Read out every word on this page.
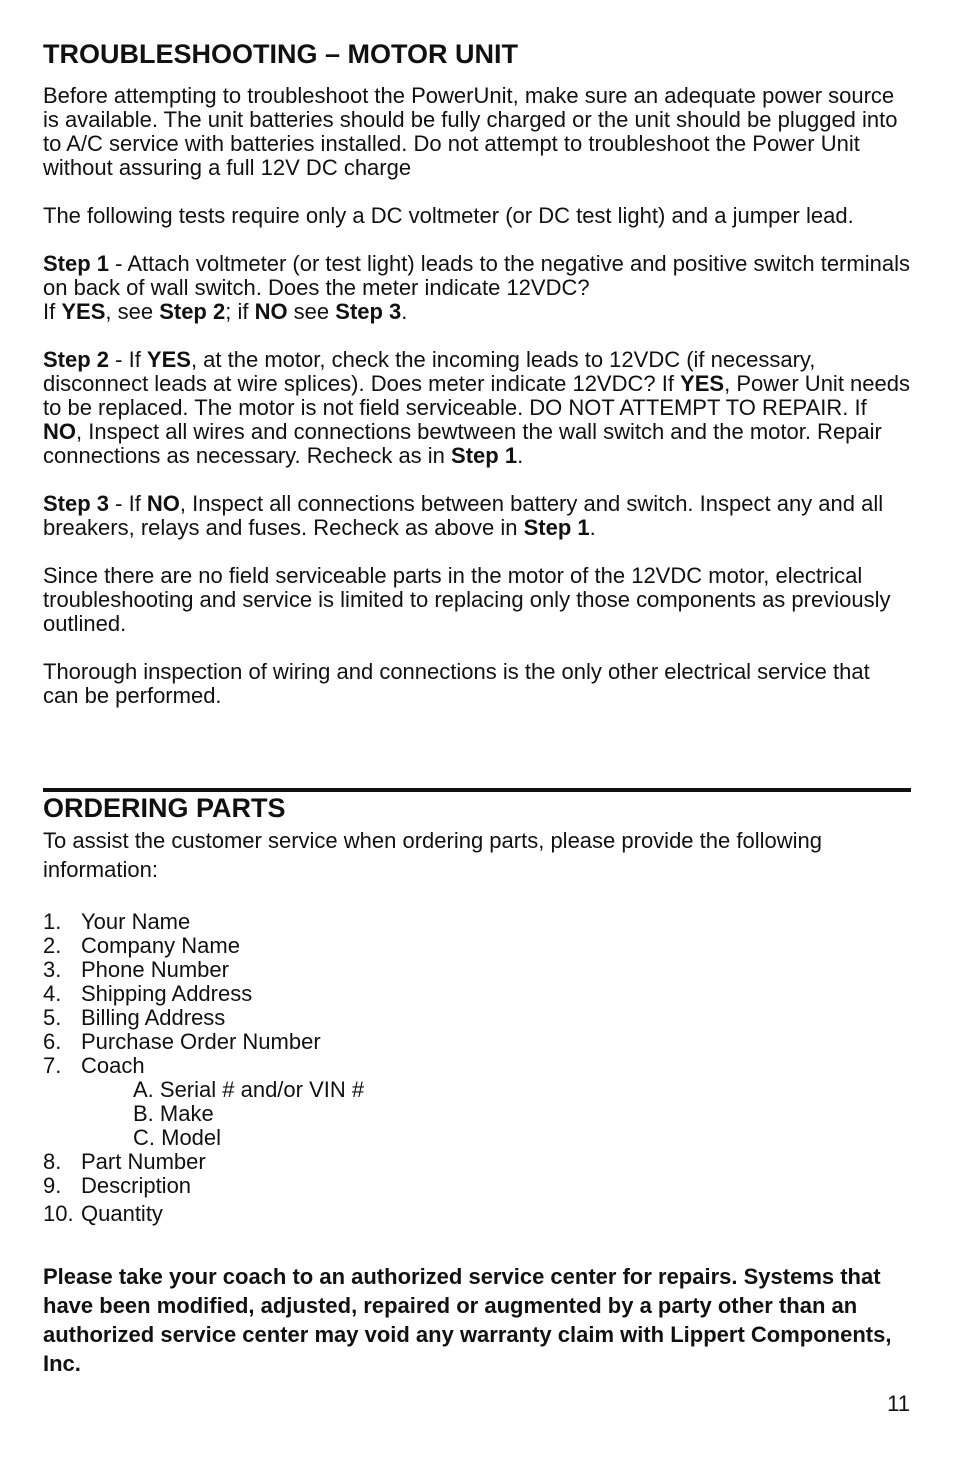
TROUBLESHOOTING – MOTOR UNIT

Before attempting to troubleshoot the PowerUnit, make sure an adequate power source is available. The unit batteries should be fully charged or the unit should be plugged into to A/C service with batteries installed. Do not attempt to troubleshoot the Power Unit without assuring a full 12V DC charge

The following tests require only a DC voltmeter (or DC test light) and a jumper lead.

Step 1 - Attach voltmeter (or test light) leads to the negative and positive switch terminals on back of wall switch. Does the meter indicate 12VDC?
If YES, see Step 2; if NO see Step 3.

Step 2 - If YES, at the motor, check the incoming leads to 12VDC (if necessary, disconnect leads at wire splices). Does meter indicate 12VDC? If YES, Power Unit needs to be replaced. The motor is not field serviceable. DO NOT ATTEMPT TO REPAIR. If NO, Inspect all wires and connections bewtween the wall switch and the motor. Repair connections as necessary. Recheck as in Step 1.

Step 3 - If NO, Inspect all connections between battery and switch. Inspect any and all breakers, relays and fuses. Recheck as above in Step 1.

Since there are no field serviceable parts in the motor of the 12VDC motor, electrical troubleshooting and service is limited to replacing only those components as previously outlined.

Thorough inspection of wiring and connections is the only other electrical service that can be performed.

ORDERING PARTS

To assist the customer service when ordering parts, please provide the following information:

1. Your Name
2. Company Name
3. Phone Number
4. Shipping Address
5. Billing Address
6. Purchase Order Number
7. Coach
A. Serial # and/or VIN #
B. Make
C. Model
8. Part Number
9. Description
10. Quantity

Please take your coach to an authorized service center for repairs. Systems that have been modified, adjusted, repaired or augmented by a party other than an authorized service center may void any warranty claim with Lippert Components, Inc.

11
